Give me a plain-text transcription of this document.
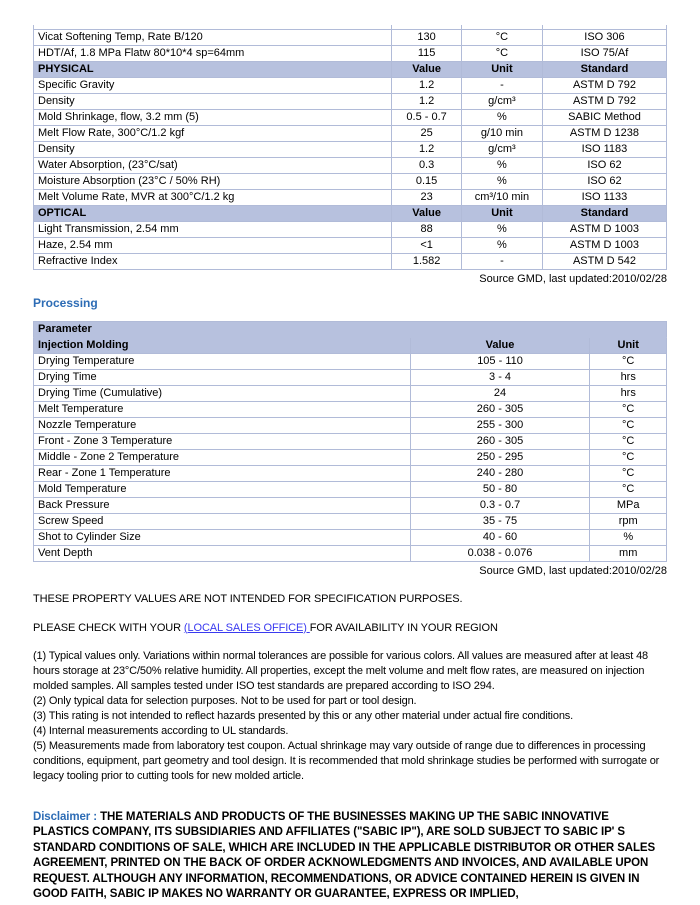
Vicat Softening Temp, Rate B/120	130	°C	ISO 306
HDT/Af, 1.8 MPa Flatw 80*10*4 sp=64mm	115	°C	ISO 75/Af
PHYSICAL	Value	Unit	Standard
Specific Gravity	1.2	-	ASTM D 792
Density	1.2	g/cm³	ASTM D 792
Mold Shrinkage, flow, 3.2 mm (5)	0.5 - 0.7	%	SABIC Method
Melt Flow Rate, 300°C/1.2 kgf	25	g/10 min	ASTM D 1238
Density	1.2	g/cm³	ISO 1183
Water Absorption, (23°C/sat)	0.3	%	ISO 62
Moisture Absorption (23°C / 50% RH)	0.15	%	ISO 62
Melt Volume Rate, MVR at 300°C/1.2 kg	23	cm³/10 min	ISO 1133
OPTICAL	Value	Unit	Standard
Light Transmission, 2.54 mm	88	%	ASTM D 1003
Haze, 2.54 mm	<1	%	ASTM D 1003
Refractive Index	1.582	-	ASTM D 542
Source GMD, last updated:2010/02/28
Processing
Parameter		
Injection Molding	Value	Unit
Drying Temperature	105 - 110	°C
Drying Time	3 - 4	hrs
Drying Time (Cumulative)	24	hrs
Melt Temperature	260 - 305	°C
Nozzle Temperature	255 - 300	°C
Front - Zone 3 Temperature	260 - 305	°C
Middle - Zone 2 Temperature	250 - 295	°C
Rear - Zone 1 Temperature	240 - 280	°C
Mold Temperature	50 - 80	°C
Back Pressure	0.3 - 0.7	MPa
Screw Speed	35 - 75	rpm
Shot to Cylinder Size	40 - 60	%
Vent Depth	0.038 - 0.076	mm
Source GMD, last updated:2010/02/28
THESE PROPERTY VALUES ARE NOT INTENDED FOR SPECIFICATION PURPOSES.
PLEASE CHECK WITH YOUR (LOCAL SALES OFFICE) FOR AVAILABILITY IN YOUR REGION
(1) Typical values only. Variations within normal tolerances are possible for various colors. All values are measured after at least 48 hours storage at 23°C/50% relative humidity. All properties, except the melt volume and melt flow rates, are measured on injection molded samples. All samples tested under ISO test standards are prepared according to ISO 294.
(2) Only typical data for selection purposes. Not to be used for part or tool design.
(3) This rating is not intended to reflect hazards presented by this or any other material under actual fire conditions.
(4) Internal measurements according to UL standards.
(5) Measurements made from laboratory test coupon. Actual shrinkage may vary outside of range due to differences in processing conditions, equipment, part geometry and tool design. It is recommended that mold shrinkage studies be performed with surrogate or legacy tooling prior to cutting tools for new molded article.
Disclaimer : THE MATERIALS AND PRODUCTS OF THE BUSINESSES MAKING UP THE SABIC INNOVATIVE PLASTICS COMPANY, ITS SUBSIDIARIES AND AFFILIATES ("SABIC IP"), ARE SOLD SUBJECT TO SABIC IP' S STANDARD CONDITIONS OF SALE, WHICH ARE INCLUDED IN THE APPLICABLE DISTRIBUTOR OR OTHER SALES AGREEMENT, PRINTED ON THE BACK OF ORDER ACKNOWLEDGMENTS AND INVOICES, AND AVAILABLE UPON REQUEST. ALTHOUGH ANY INFORMATION, RECOMMENDATIONS, OR ADVICE CONTAINED HEREIN IS GIVEN IN GOOD FAITH, SABIC IP MAKES NO WARRANTY OR GUARANTEE, EXPRESS OR IMPLIED,
